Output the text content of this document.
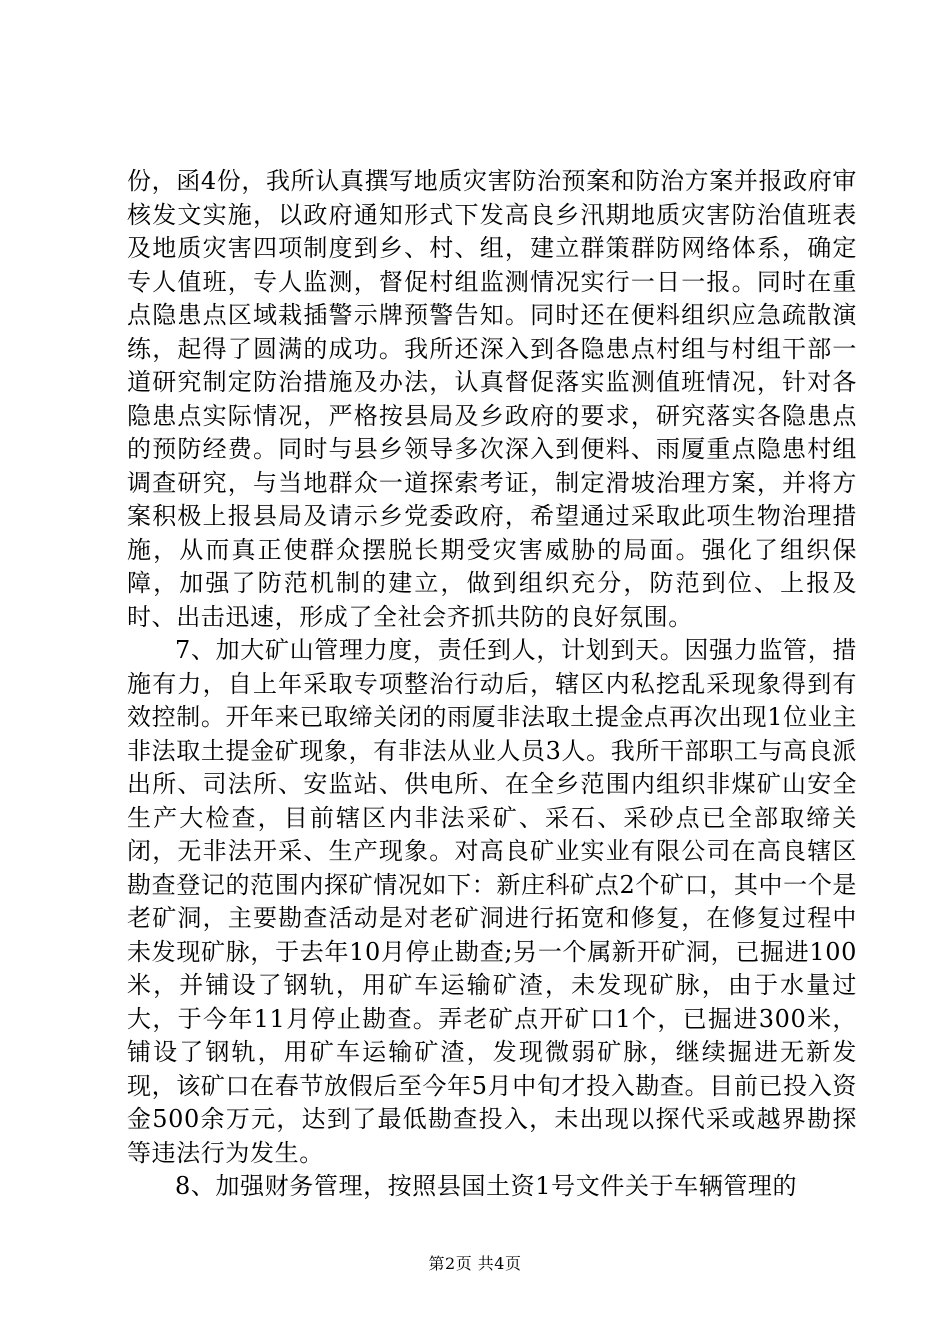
份，函4份，我所认真撰写地质灾害防治预案和防治方案并报政府审核发文实施，以政府通知形式下发高良乡汛期地质灾害防治值班表及地质灾害四项制度到乡、村、组，建立群策群防网络体系，确定专人值班，专人监测，督促村组监测情况实行一日一报。同时在重点隐患点区域栽插警示牌预警告知。同时还在便料组织应急疏散演练，起得了圆满的成功。我所还深入到各隐患点村组与村组干部一道研究制定防治措施及办法，认真督促落实监测值班情况，针对各隐患点实际情况，严格按县局及乡政府的要求，研究落实各隐患点的预防经费。同时与县乡领导多次深入到便料、雨厦重点隐患村组调查研究，与当地群众一道探索考证，制定滑坡治理方案，并将方案积极上报县局及请示乡党委政府，希望通过采取此项生物治理措施，从而真正使群众摆脱长期受灾害威胁的局面。强化了组织保障，加强了防范机制的建立，做到组织充分，防范到位、上报及时、出击迅速，形成了全社会齐抓共防的良好氛围。

7、加大矿山管理力度，责任到人，计划到天。因强力监管，措施有力，自上年采取专项整治行动后，辖区内私挖乱采现象得到有效控制。开年来已取缔关闭的雨厦非法取土提金点再次出现1位业主非法取土提金矿现象，有非法从业人员3人。我所干部职工与高良派出所、司法所、安监站、供电所、在全乡范围内组织非煤矿山安全生产大检查，目前辖区内非法采矿、采石、采砂点已全部取缔关闭，无非法开采、生产现象。对高良矿业实业有限公司在高良辖区勘查登记的范围内探矿情况如下：新庄科矿点2个矿口，其中一个是老矿洞，主要勘查活动是对老矿洞进行拓宽和修复，在修复过程中未发现矿脉，于去年10月停止勘查;另一个属新开矿洞，已掘进100米，并铺设了钢轨，用矿车运输矿渣，未发现矿脉，由于水量过大，于今年11月停止勘查。弄老矿点开矿口1个，已掘进300米，铺设了钢轨，用矿车运输矿渣，发现微弱矿脉，继续掘进无新发现，该矿口在春节放假后至今年5月中旬才投入勘查。目前已投入资金500余万元，达到了最低勘查投入，未出现以探代采或越界勘探等违法行为发生。

8、加强财务管理，按照县国土资1号文件关于车辆管理的

第2页 共4页
